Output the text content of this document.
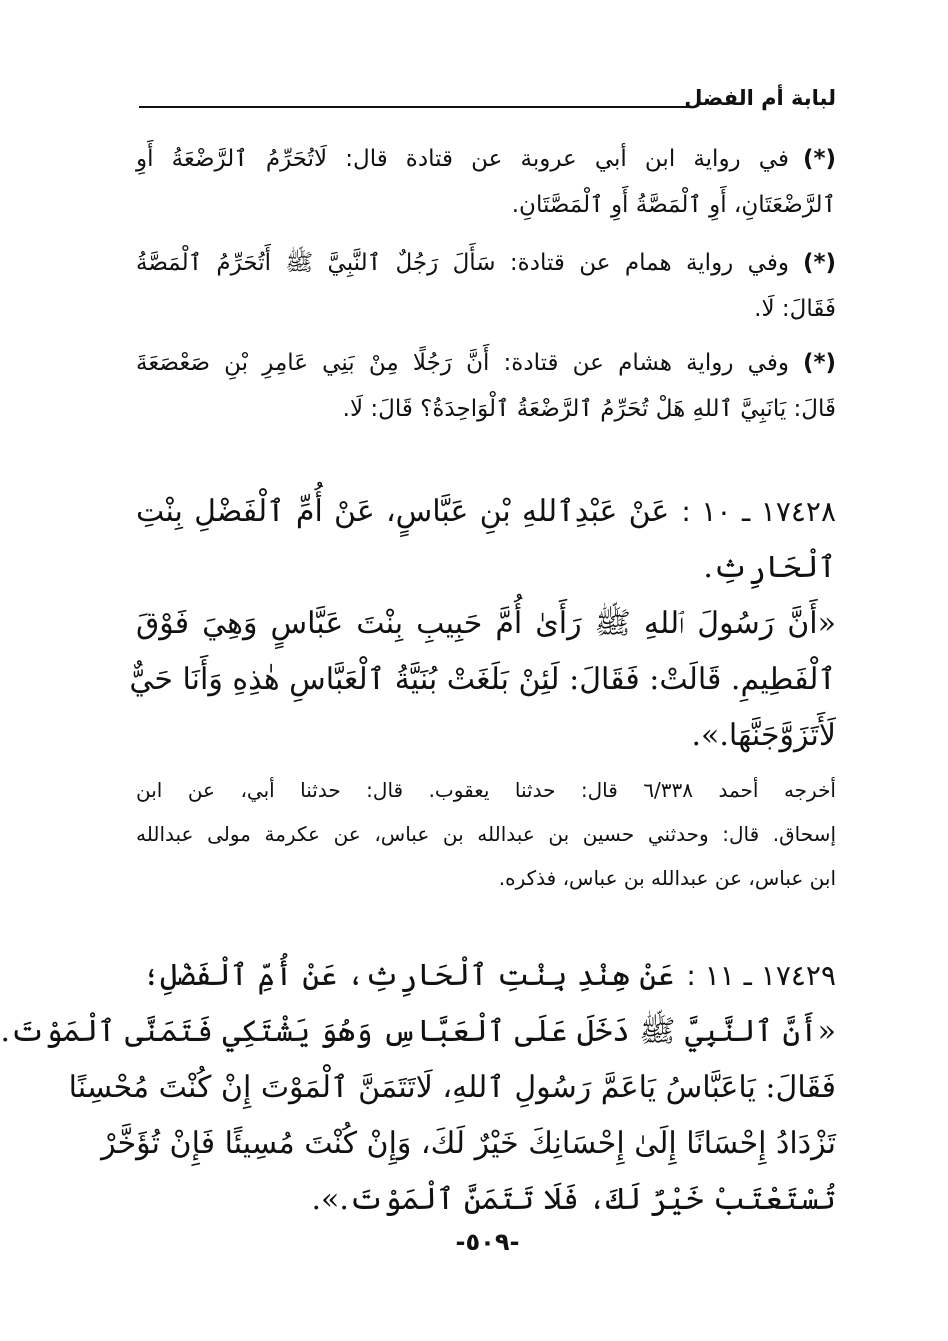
لبابة أم الفضل
(*)في رواية ابن أبي عروبة عن قتادة قال: لَاتُحَرِّمُ ٱلرَّضْعَةُ أَوِ
ٱلرَّضْعَتَانِ، أَوِ ٱلْمَصَّةُ أَوِ ٱلْمَصَّتَانِ.
(*)وفي رواية همام عن قتادة: سَأَلَ رَجُلٌ ٱلنَّبِيَّ ﷺ أَتُحَرِّمُ ٱلْمَصَّةُ
فَقَالَ: لَا.
(*)وفي رواية هشام عن قتادة: أَنَّ رَجُلًا مِنْ بَنِي عَامِرِ بْنِ صَعْصَعَةَ
قَالَ: يَانَبِيَّ ٱللهِ هَلْ تُحَرِّمُ ٱلرَّضْعَةُ ٱلْوَاحِدَةُ؟ قَالَ: لَا.
١٧٤٢٨ ـ ١٠ :عَنْ عَبْدِٱللهِ بْنِ عَبَّاسٍ، عَنْ أُمِّ ٱلْفَضْلِ بِنْتِ
ٱلْحَارِثِ.
«أَنَّ رَسُولَ ٱللهِ ﷺ رَأَىٰ أُمَّ حَبِيبِ بِنْتَ عَبَّاسٍ وَهِيَ فَوْقَ
ٱلْفَطِيمِ. قَالَتْ: فَقَالَ: لَئِنْ بَلَغَتْ بُنَيَّةُ ٱلْعَبَّاسِ هٰذِهِ وَأَنَا حَيٌّ
لَأَتَزَوَّجَنَّهَا.».
أخرجه أحمد ٦/٣٣٨ قال: حدثنا يعقوب. قال: حدثنا أبي، عن ابن
إسحاق. قال: وحدثني حسين بن عبدالله بن عباس، عن عكرمة مولى عبدالله
ابن عباس، عن عبدالله بن عباس، فذكره.
١٧٤٢٩ ـ ١١ :عَنْ هِنْدِ بِنْتِ ٱلْحَارِثِ، عَنْ أُمِّ ٱلْفَضْلِ؛
«أَنَّ ٱلنَّبِيَّ ﷺ دَخَلَ عَلَى ٱلْعَبَّاسِ وَهُوَ يَشْتَكِي فَتَمَنَّى ٱلْمَوْتَ.
فَقَالَ: يَاعَبَّاسُ يَاعَمَّ رَسُولِ ٱللهِ، لَاتَتَمَنَّ ٱلْمَوْتَ إِنْ كُنْتَ مُحْسِنًا
تَزْدَادُ إِحْسَانًا إِلَىٰ إِحْسَانِكَ خَيْرٌ لَكَ، وَإِنْ كُنْتَ مُسِيئًا فَإِنْ تُؤَخَّرْ
تُسْتَعْتَبْ خَيْرٌ لَكَ، فَلَا تَتَمَنَّ ٱلْمَوْتَ.».
-٥٠٩-
